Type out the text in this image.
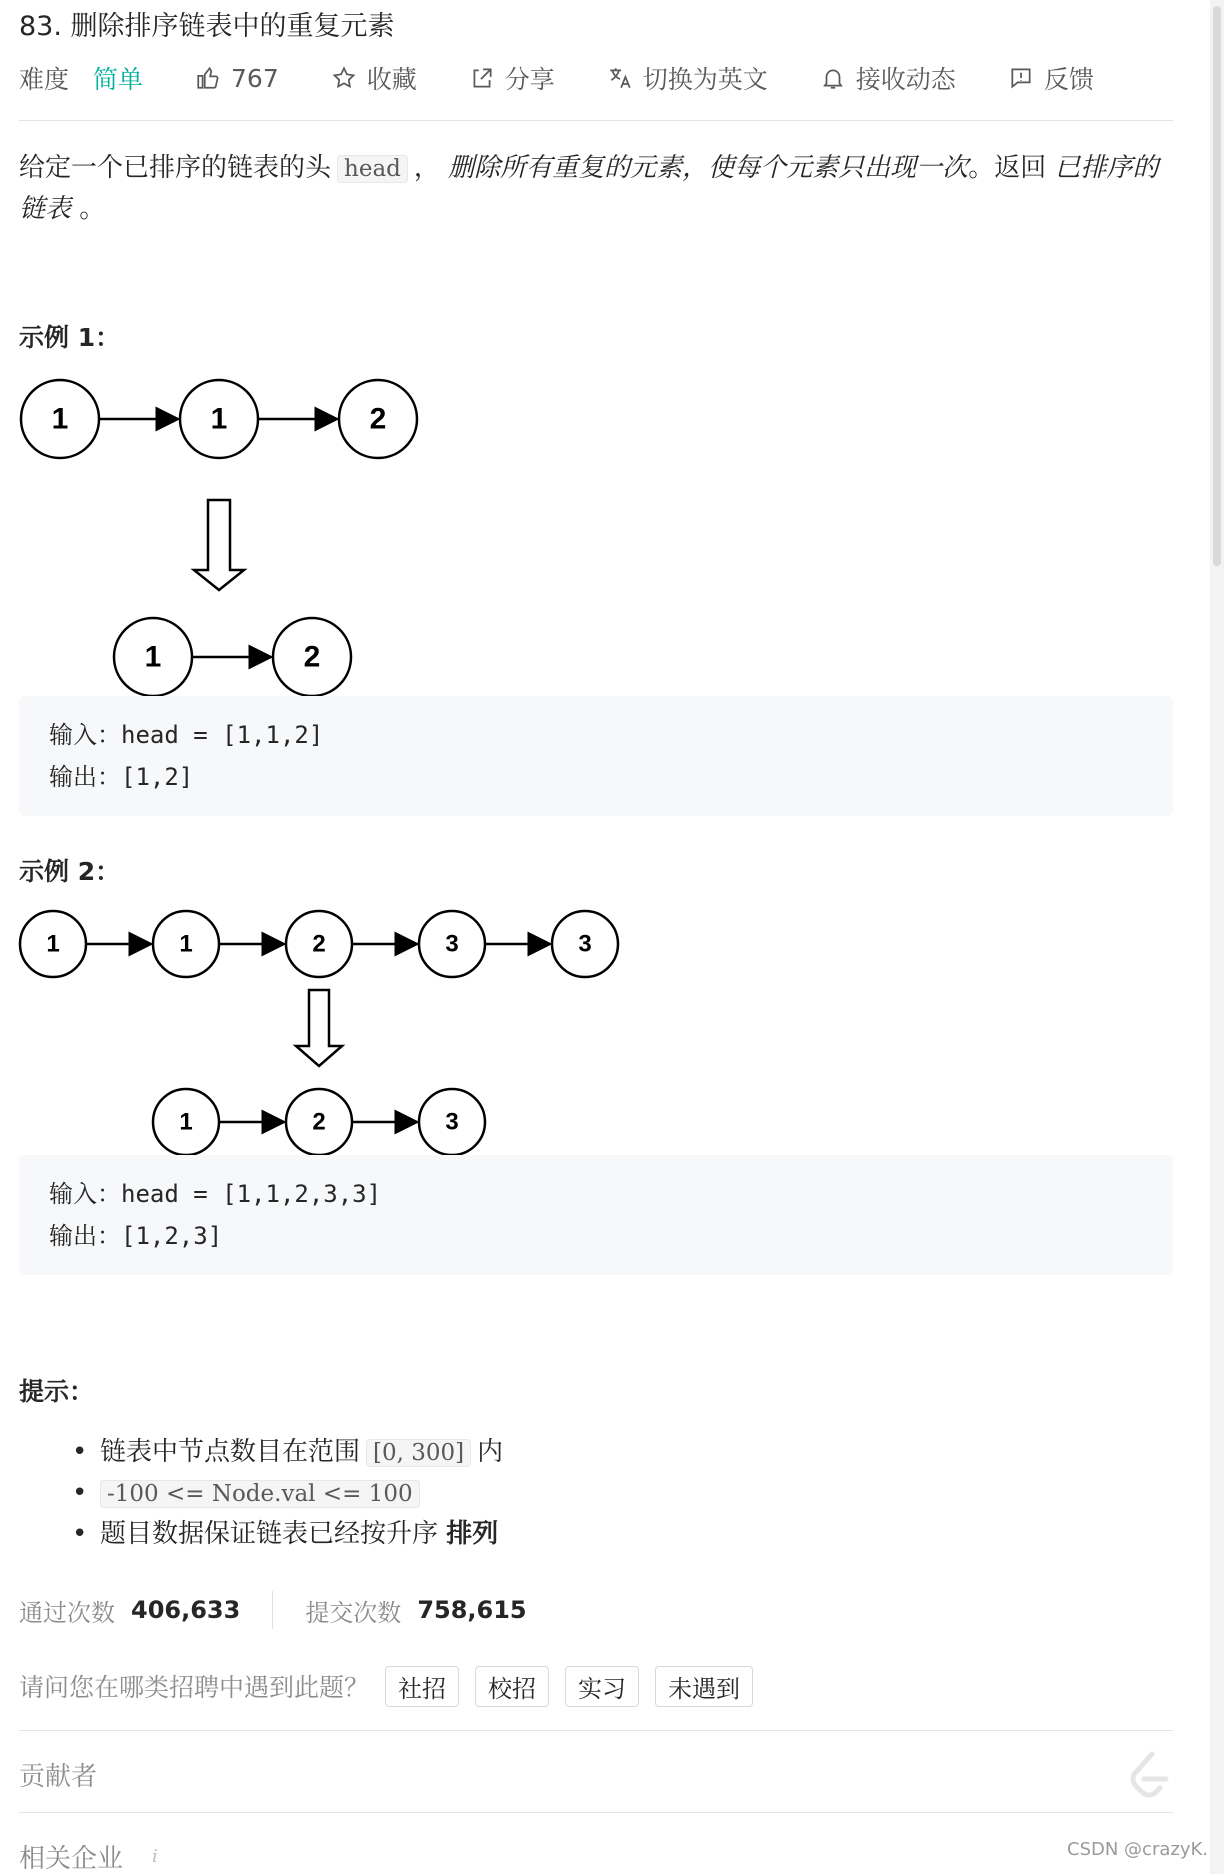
83. 删除排序链表中的重复元素
难度 简单	767	收藏	分享	切换为英文	接收动态	反馈
给定一个已排序的链表的头 head ， 删除所有重复的元素，使每个元素只出现一次。返回 已排序的链表 。
示例 1：
1	1	2
1	2
输入：head = [1,1,2]
输出：[1,2]
示例 2：
1	1	2	3	3
1	2	3
输入：head = [1,1,2,3,3]
输出：[1,2,3]
提示：
• 链表中节点数目在范围 [0, 300] 内
• -100 <= Node.val <= 100
• 题目数据保证链表已经按升序 排列
通过次数 406,633	提交次数 758,615
请问您在哪类招聘中遇到此题？	社招	校招	实习	未遇到
贡献者
相关企业 i	CSDN @crazyK.
